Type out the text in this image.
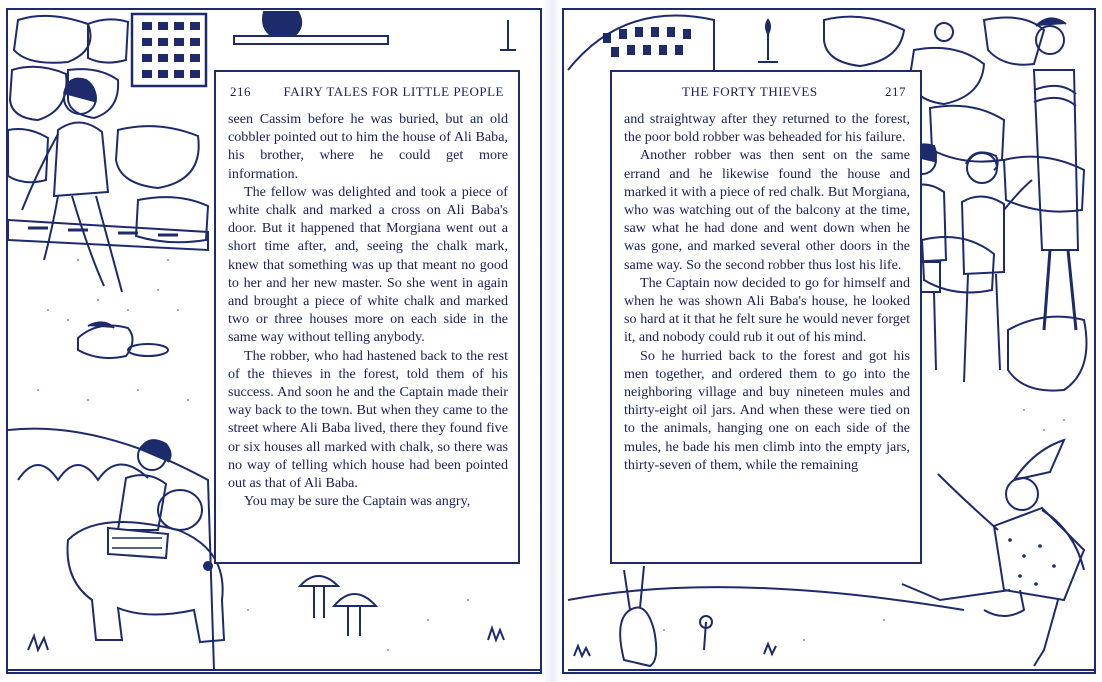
216 FAIRY TALES FOR LITTLE PEOPLE

seen Cassim before he was buried, but an old cobbler pointed out to him the house of Ali Baba, his brother, where he could get more information.

The fellow was delighted and took a piece of white chalk and marked a cross on Ali Baba's door. But it happened that Morgiana went out a short time after, and, seeing the chalk mark, knew that something was up that meant no good to her and her new master. So she went in again and brought a piece of white chalk and marked two or three houses more on each side in the same way without telling anybody.

The robber, who had hastened back to the rest of the thieves in the forest, told them of his success. And soon he and the Captain made their way back to the town. But when they came to the street where Ali Baba lived, there they found five or six houses all marked with chalk, so there was no way of telling which house had been pointed out as that of Ali Baba.

You may be sure the Captain was angry,

THE FORTY THIEVES	217

and straightway after they returned to the forest, the poor bold robber was beheaded for his failure.

Another robber was then sent on the same errand and he likewise found the house and marked it with a piece of red chalk. But Morgiana, who was watching out of the balcony at the time, saw what he had done and went down when he was gone, and marked several other doors in the same way. So the second robber thus lost his life.

The Captain now decided to go for himself and when he was shown Ali Baba's house, he looked so hard at it that he felt sure he would never forget it, and nobody could rub it out of his mind.

So he hurried back to the forest and got his men together, and ordered them to go into the neighboring village and buy nineteen mules and thirty-eight oil jars. And when these were tied on to the animals, hanging one on each side of the mules, he bade his men climb into the empty jars, thirty-seven of them, while the remaining
